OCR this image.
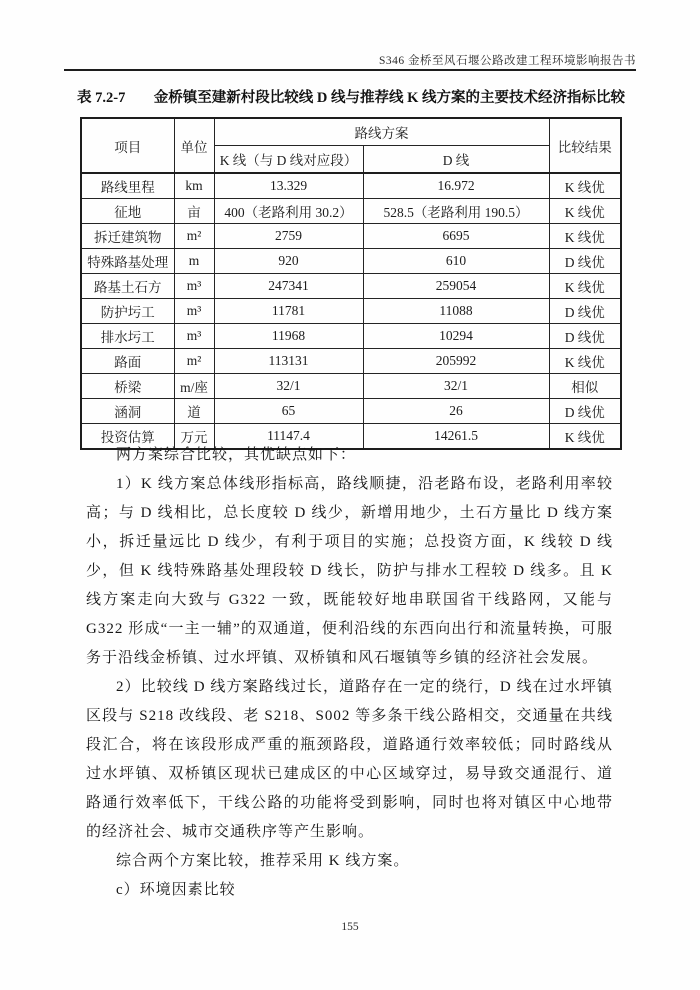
S346 金桥至风石堰公路改建工程环境影响报告书
表 7.2-7 金桥镇至建新村段比较线 D 线与推荐线 K 线方案的主要技术经济指标比较
项目	单位	路线方案		比较结果
		K 线（与 D 线对应段）	D 线	
路线里程	km	13.329	16.972	K 线优
征地	亩	400（老路利用 30.2）	528.5（老路利用 190.5）	K 线优
拆迁建筑物	m²	2759	6695	K 线优
特殊路基处理	m	920	610	D 线优
路基土石方	m³	247341	259054	K 线优
防护圬工	m³	11781	11088	D 线优
排水圬工	m³	11968	10294	D 线优
路面	m²	113131	205992	K 线优
桥梁	m/座	32/1	32/1	相似
涵洞	道	65	26	D 线优
投资估算	万元	11147.4	14261.5	K 线优

两方案综合比较，其优缺点如下：

1）K 线方案总体线形指标高，路线顺捷，沿老路布设，老路利用率较高；与 D 线相比，总长度较 D 线少，新增用地少，土石方量比 D 线方案小，拆迁量远比 D 线少，有利于项目的实施；总投资方面，K 线较 D 线少，但 K 线特殊路基处理段较 D 线长，防护与排水工程较 D 线多。且 K 线方案走向大致与 G322 一致，既能较好地串联国省干线路网，又能与 G322 形成“一主一辅”的双通道，便利沿线的东西向出行和流量转换，可服务于沿线金桥镇、过水坪镇、双桥镇和风石堰镇等乡镇的经济社会发展。

2）比较线 D 线方案路线过长，道路存在一定的绕行，D 线在过水坪镇区段与 S218 改线段、老 S218、S002 等多条干线公路相交，交通量在共线段汇合，将在该段形成严重的瓶颈路段，道路通行效率较低；同时路线从过水坪镇、双桥镇区现状已建成区的中心区域穿过，易导致交通混行、道路通行效率低下，干线公路的功能将受到影响，同时也将对镇区中心地带的经济社会、城市交通秩序等产生影响。

综合两个方案比较，推荐采用 K 线方案。

c）环境因素比较

155
